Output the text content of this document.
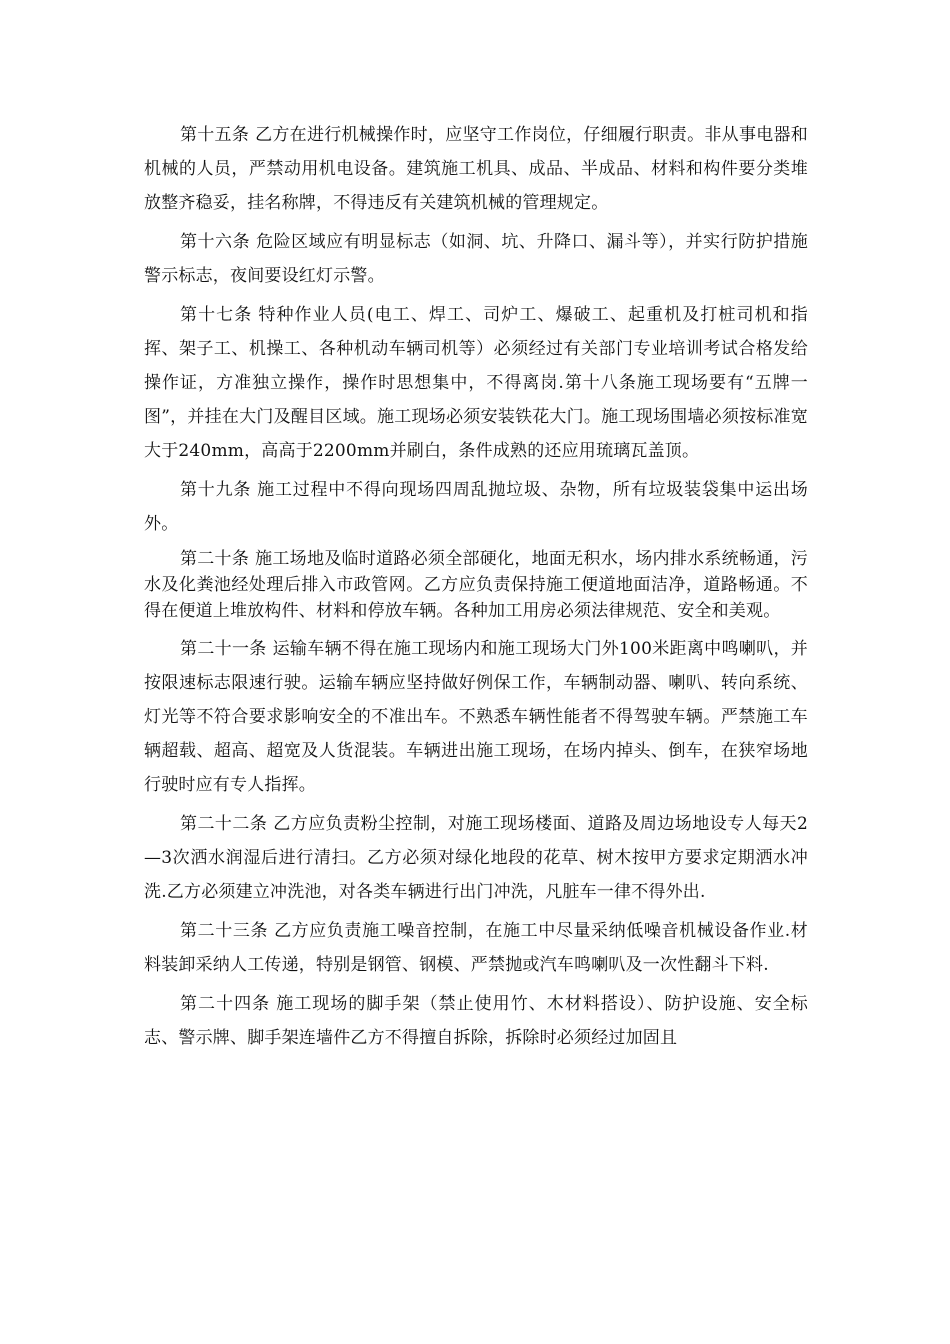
第十五条 乙方在进行机械操作时，应坚守工作岗位，仔细履行职责。非从事电器和机械的人员，严禁动用机电设备。建筑施工机具、成品、半成品、材料和构件要分类堆放整齐稳妥，挂名称牌，不得违反有关建筑机械的管理规定。

第十六条 危险区域应有明显标志（如洞、坑、升降口、漏斗等），并实行防护措施警示标志，夜间要设红灯示警。

第十七条 特种作业人员(电工、焊工、司炉工、爆破工、起重机及打桩司机和指挥、架子工、机操工、各种机动车辆司机等）必须经过有关部门专业培训考试合格发给操作证，方准独立操作，操作时思想集中，不得离岗.第十八条施工现场要有“五牌一图”，并挂在大门及醒目区域。施工现场必须安装铁花大门。施工现场围墙必须按标准宽大于240mm，高高于2200mm并刷白，条件成熟的还应用琉璃瓦盖顶。

第十九条 施工过程中不得向现场四周乱抛垃圾、杂物，所有垃圾装袋集中运出场外。

第二十条 施工场地及临时道路必须全部硬化，地面无积水，场内排水系统畅通，污水及化粪池经处理后排入市政管网。乙方应负责保持施工便道地面洁净，道路畅通。不得在便道上堆放构件、材料和停放车辆。各种加工用房必须法律规范、安全和美观。

第二十一条 运输车辆不得在施工现场内和施工现场大门外100米距离中鸣喇叭，并按限速标志限速行驶。运输车辆应坚持做好例保工作，车辆制动器、喇叭、转向系统、灯光等不符合要求影响安全的不准出车。不熟悉车辆性能者不得驾驶车辆。严禁施工车辆超载、超高、超宽及人货混装。车辆进出施工现场，在场内掉头、倒车，在狭窄场地行驶时应有专人指挥。

第二十二条 乙方应负责粉尘控制，对施工现场楼面、道路及周边场地设专人每天2—3次洒水润湿后进行清扫。乙方必须对绿化地段的花草、树木按甲方要求定期洒水冲洗.乙方必须建立冲洗池，对各类车辆进行出门冲洗，凡脏车一律不得外出.

第二十三条 乙方应负责施工噪音控制，在施工中尽量采纳低噪音机械设备作业.材料装卸采纳人工传递，特别是钢管、钢模、严禁抛或汽车鸣喇叭及一次性翻斗下料.

第二十四条 施工现场的脚手架（禁止使用竹、木材料搭设）、防护设施、安全标志、警示牌、脚手架连墙件乙方不得擅自拆除，拆除时必须经过加固且
